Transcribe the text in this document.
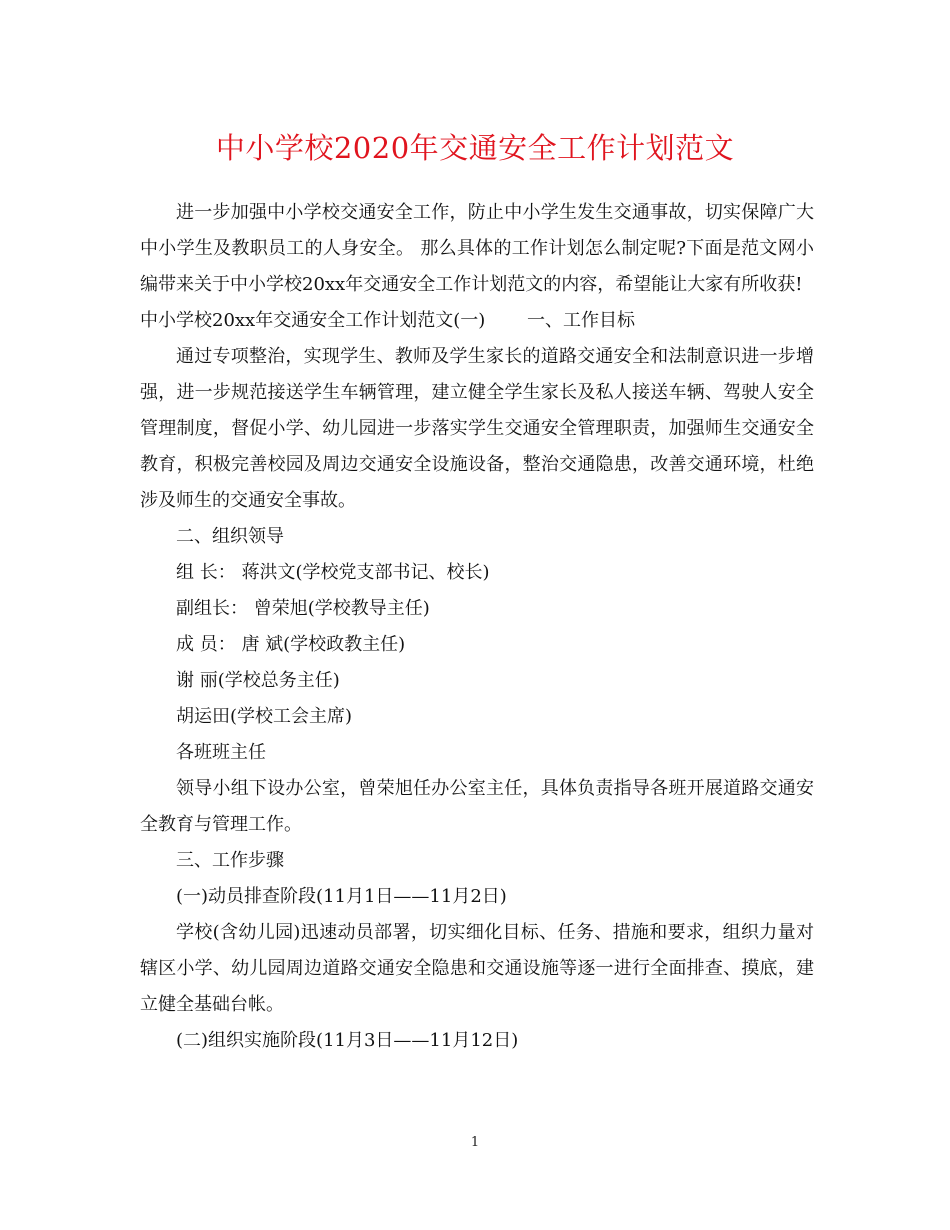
中小学校2020年交通安全工作计划范文

进一步加强中小学校交通安全工作，防止中小学生发生交通事故，切实保障广大中小学生及教职员工的人身安全。 那么具体的工作计划怎么制定呢?下面是范文网小编带来关于中小学校20xx年交通安全工作计划范文的内容，希望能让大家有所收获!

中小学校20xx年交通安全工作计划范文(一)　　 一、工作目标

通过专项整治，实现学生、教师及学生家长的道路交通安全和法制意识进一步增强，进一步规范接送学生车辆管理，建立健全学生家长及私人接送车辆、驾驶人安全管理制度，督促小学、幼儿园进一步落实学生交通安全管理职责，加强师生交通安全教育，积极完善校园及周边交通安全设施设备，整治交通隐患，改善交通环境，杜绝涉及师生的交通安全事故。

二、组织领导

组 长： 蒋洪文(学校党支部书记、校长)

副组长： 曾荣旭(学校教导主任)

成 员： 唐 斌(学校政教主任)

谢 丽(学校总务主任)

胡运田(学校工会主席)

各班班主任

领导小组下设办公室，曾荣旭任办公室主任，具体负责指导各班开展道路交通安全教育与管理工作。

三、工作步骤

(一)动员排查阶段(11月1日——11月2日)

学校(含幼儿园)迅速动员部署，切实细化目标、任务、措施和要求，组织力量对辖区小学、幼儿园周边道路交通安全隐患和交通设施等逐一进行全面排查、摸底，建立健全基础台帐。

(二)组织实施阶段(11月3日——11月12日)

1
